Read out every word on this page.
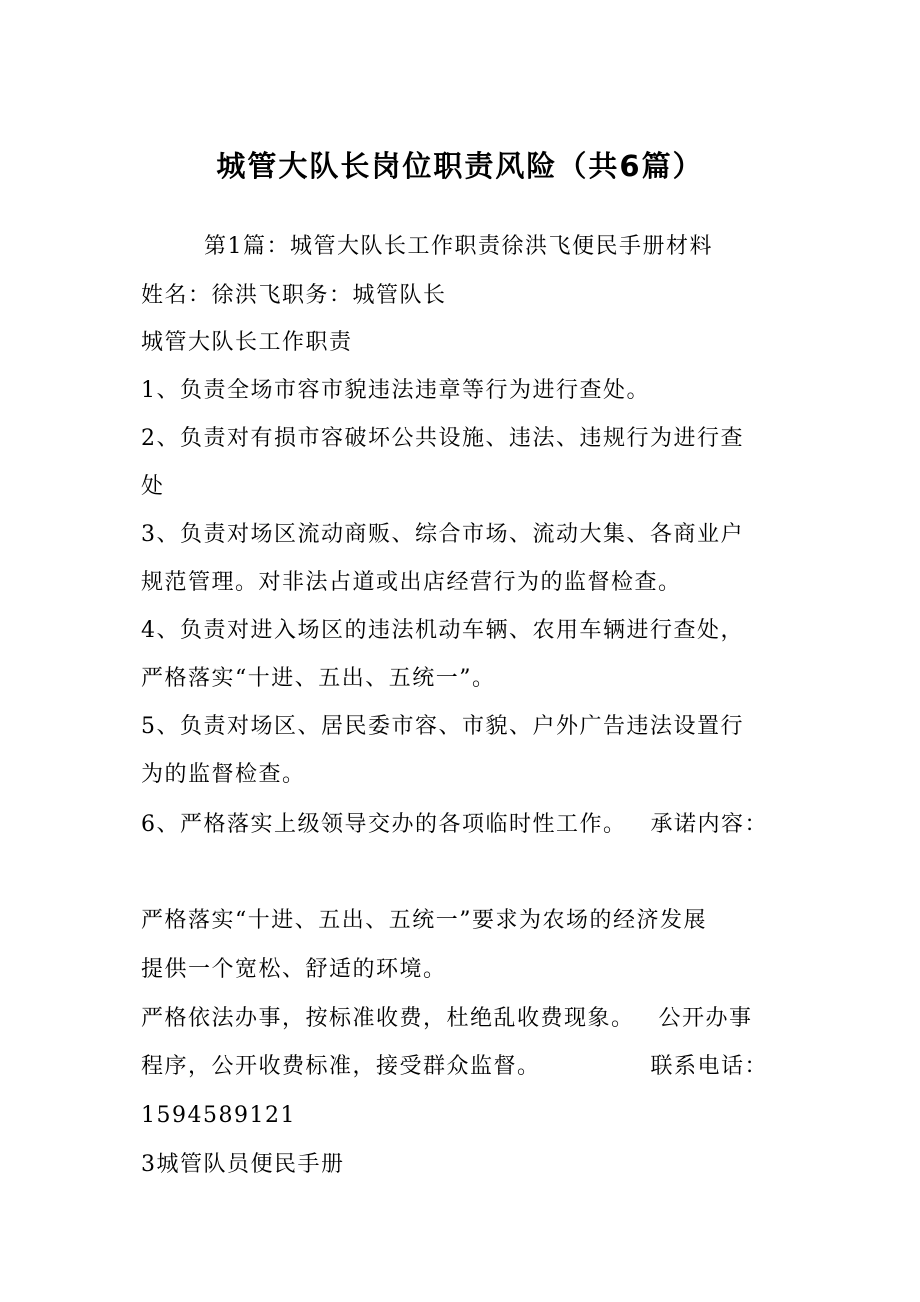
城管大队长岗位职责风险（共6篇）
第1篇：城管大队长工作职责徐洪飞便民手册材料
姓名：徐洪飞职务：城管队长
城管大队长工作职责
1、负责全场市容市貌违法违章等行为进行查处。
2、负责对有损市容破坏公共设施、违法、违规行为进行查
处
3、负责对场区流动商贩、综合市场、流动大集、各商业户
规范管理。对非法占道或出店经营行为的监督检查。
4、负责对进入场区的违法机动车辆、农用车辆进行查处，
严格落实“十进、五出、五统一”。
5、负责对场区、居民委市容、市貌、户外广告违法设置行
为的监督检查。
6、严格落实上级领导交办的各项临时性工作。 承诺内容：
严格落实“十进、五出、五统一”要求为农场的经济发展
提供一个宽松、舒适的环境。
严格依法办事，按标准收费，杜绝乱收费现象。 公开办事
程序，公开收费标准，接受群众监督。	联系电话：
1594589121
3城管队员便民手册
